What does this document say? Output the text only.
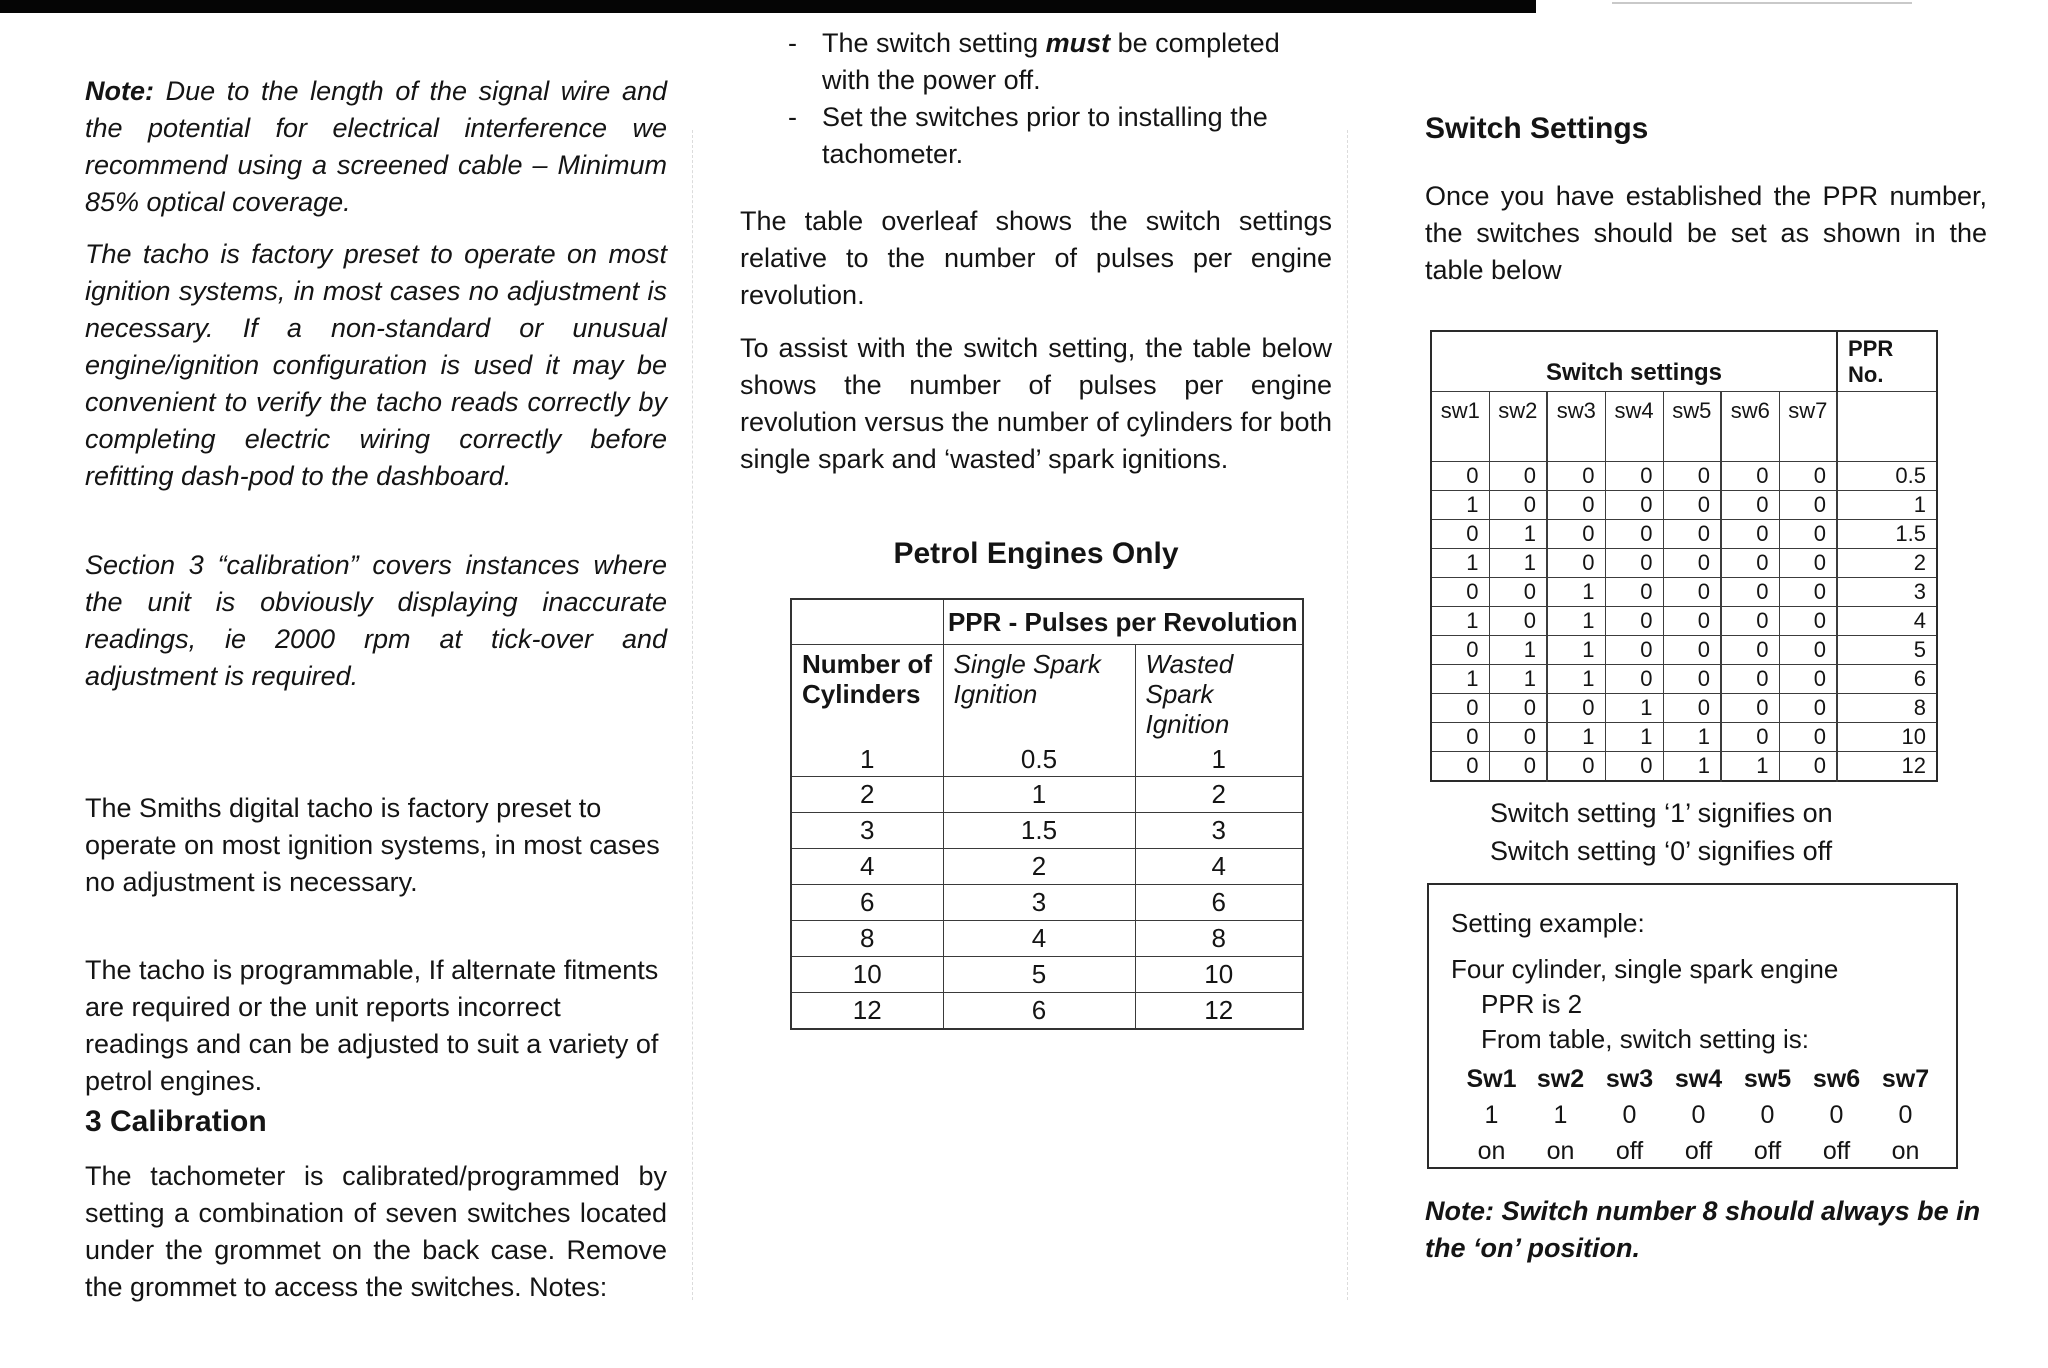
Note: Due to the length of the signal wire and the potential for electrical interference we recommend using a screened cable – Minimum 85% optical coverage.

The tacho is factory preset to operate on most ignition systems, in most cases no adjustment is necessary. If a non-standard or unusual engine/ignition configuration is used it may be convenient to verify the tacho reads correctly by completing electric wiring correctly before refitting dash-pod to the dashboard.

Section 3 “calibration” covers instances where the unit is obviously displaying inaccurate readings, ie 2000 rpm at tick-over and adjustment is required.

The Smiths digital tacho is factory preset to operate on most ignition systems, in most cases no adjustment is necessary.

The tacho is programmable, If alternate fitments are required or the unit reports incorrect readings and can be adjusted to suit a variety of petrol engines.

3 Calibration

The tachometer is calibrated/programmed by setting a combination of seven switches located under the grommet on the back case. Remove the grommet to access the switches. Notes:

- The switch setting must be completed with the power off.
- Set the switches prior to installing the tachometer.

The table overleaf shows the switch settings relative to the number of pulses per engine revolution.

To assist with the switch setting, the table below shows the number of pulses per engine revolution versus the number of cylinders for both single spark and ‘wasted’ spark ignitions.

Petrol Engines Only
	PPR - Pulses per Revolution	
Number of Cylinders	Single Spark Ignition	Wasted Spark Ignition
1	0.5	1
2	1	2
3	1.5	3
4	2	4
6	3	6
8	4	8
10	5	10
12	6	12
Switch Settings

Once you have established the PPR number, the switches should be set as shown in the table below

Switch settings							PPR
No.
sw1	sw2	sw3	sw4	sw5	sw6	sw7	
0	0	0	0	0	0	0	0.5
1	0	0	0	0	0	0	1
0	1	0	0	0	0	0	1.5
1	1	0	0	0	0	0	2
0	0	1	0	0	0	0	3
1	0	1	0	0	0	0	4
0	1	1	0	0	0	0	5
1	1	1	0	0	0	0	6
0	0	0	1	0	0	0	8
0	0	1	1	1	0	0	10
0	0	0	0	1	1	0	12

Switch setting ‘1’ signifies on

Switch setting ‘0’ signifies off

Setting example:
Four cylinder, single spark engine
PPR is 2
From table, switch setting is:
Sw1	sw2	sw3	sw4	sw5	sw6	sw7
1	1	0	0	0	0	0
on	on	off	off	off	off	on

Note: Switch number 8 should always be in the ‘on’ position.
